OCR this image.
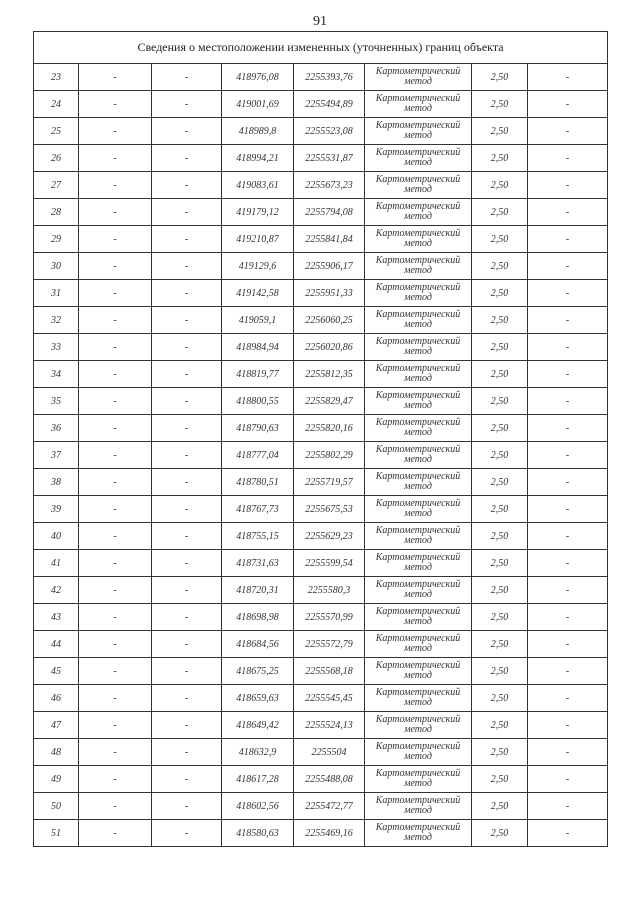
91
Сведения о местоположении измененных (уточненных) границ объекта							
23	-	-	418976,08	2255393,76	Картометрический метод	2,50	-
24	-	-	419001,69	2255494,89	Картометрический метод	2,50	-
25	-	-	418989,8	2255523,08	Картометрический метод	2,50	-
26	-	-	418994,21	2255531,87	Картометрический метод	2,50	-
27	-	-	419083,61	2255673,23	Картометрический метод	2,50	-
28	-	-	419179,12	2255794,08	Картометрический метод	2,50	-
29	-	-	419210,87	2255841,84	Картометрический метод	2,50	-
30	-	-	419129,6	2255906,17	Картометрический метод	2,50	-
31	-	-	419142,58	2255951,33	Картометрический метод	2,50	-
32	-	-	419059,1	2256060,25	Картометрический метод	2,50	-
33	-	-	418984,94	2256020,86	Картометрический метод	2,50	-
34	-	-	418819,77	2255812,35	Картометрический метод	2,50	-
35	-	-	418800,55	2255829,47	Картометрический метод	2,50	-
36	-	-	418790,63	2255820,16	Картометрический метод	2,50	-
37	-	-	418777,04	2255802,29	Картометрический метод	2,50	-
38	-	-	418780,51	2255719,57	Картометрический метод	2,50	-
39	-	-	418767,73	2255675,53	Картометрический метод	2,50	-
40	-	-	418755,15	2255629,23	Картометрический метод	2,50	-
41	-	-	418731,63	2255599,54	Картометрический метод	2,50	-
42	-	-	418720,31	2255580,3	Картометрический метод	2,50	-
43	-	-	418698,98	2255570,99	Картометрический метод	2,50	-
44	-	-	418684,56	2255572,79	Картометрический метод	2,50	-
45	-	-	418675,25	2255568,18	Картометрический метод	2,50	-
46	-	-	418659,63	2255545,45	Картометрический метод	2,50	-
47	-	-	418649,42	2255524,13	Картометрический метод	2,50	-
48	-	-	418632,9	2255504	Картометрический метод	2,50	-
49	-	-	418617,28	2255488,08	Картометрический метод	2,50	-
50	-	-	418602,56	2255472,77	Картометрический метод	2,50	-
51	-	-	418580,63	2255469,16	Картометрический метод	2,50	-
